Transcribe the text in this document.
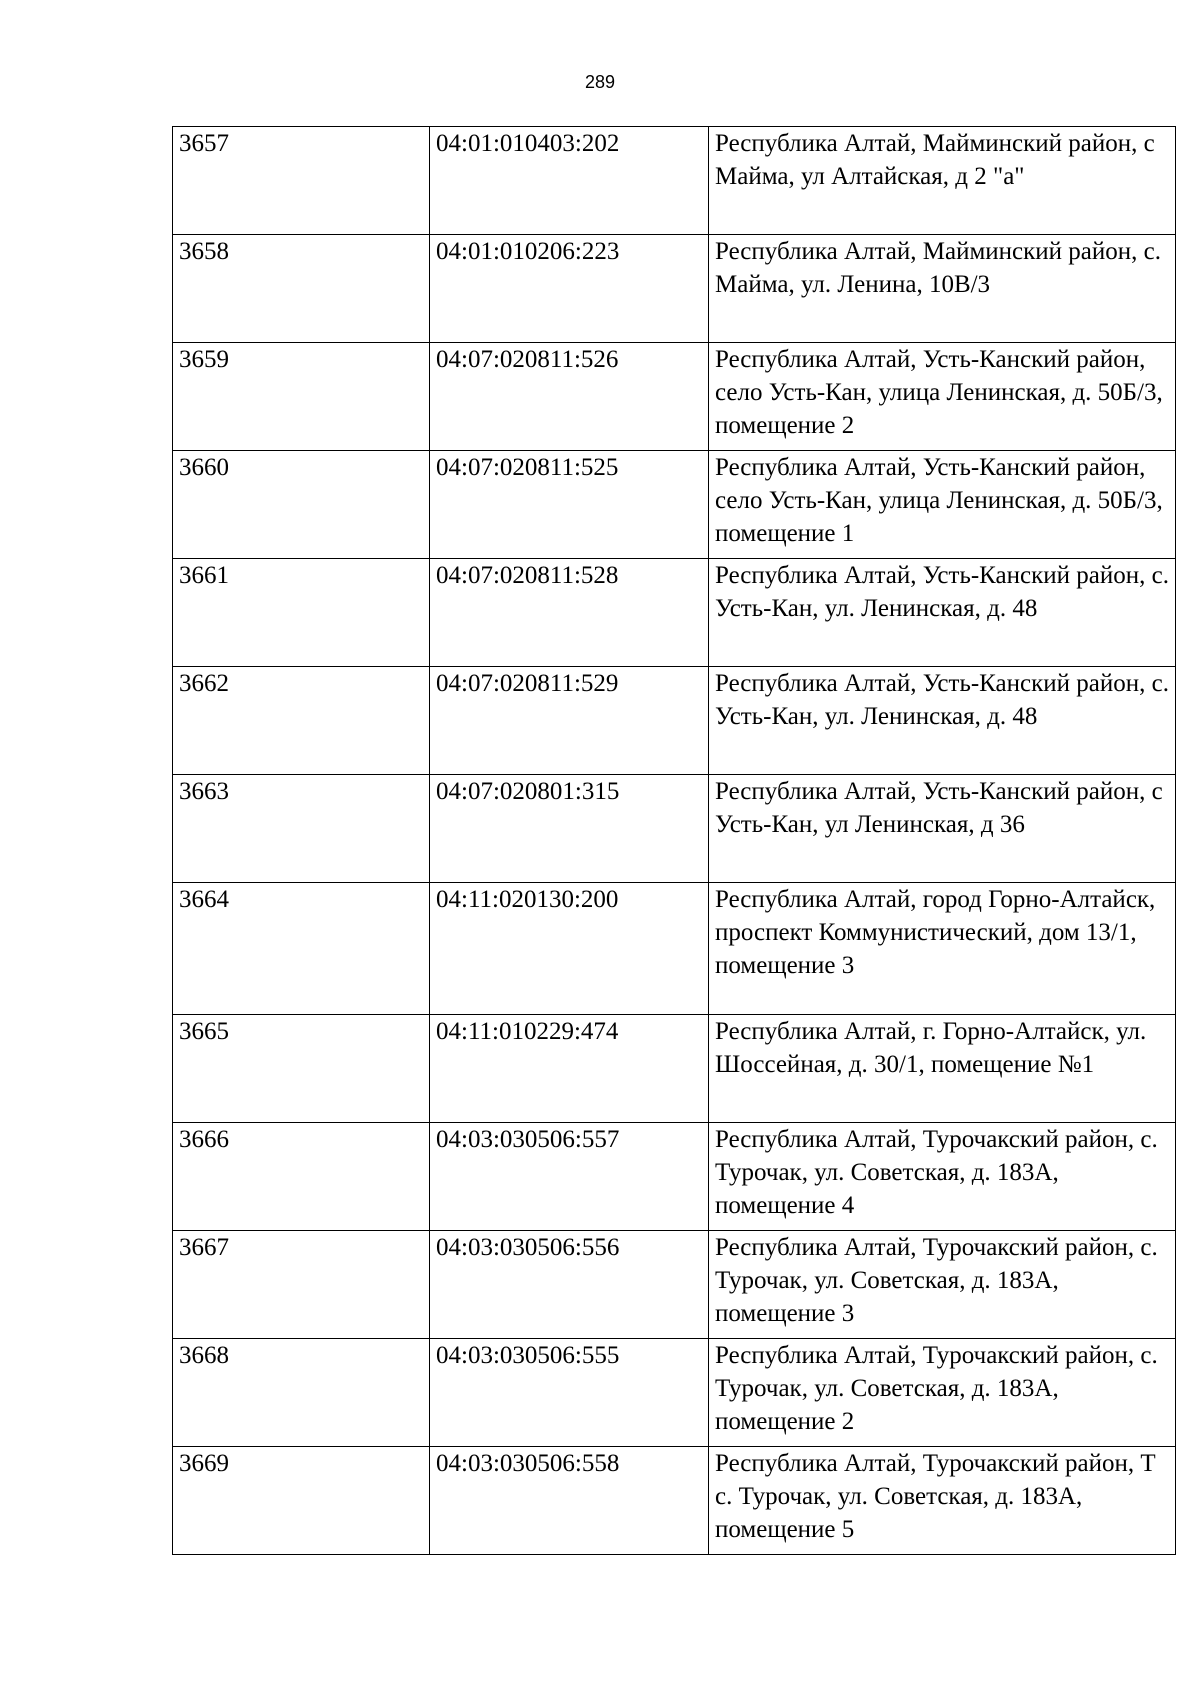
289
3657	04:01:010403:202	Республика Алтай, Майминский район, с Майма, ул Алтайская, д 2 "а"
3658	04:01:010206:223	Республика Алтай, Майминский район, с. Майма, ул. Ленина, 10В/3
3659	04:07:020811:526	Республика Алтай, Усть-Канский район, село Усть-Кан, улица Ленинская, д. 50Б/3, помещение 2
3660	04:07:020811:525	Республика Алтай, Усть-Канский район, село Усть-Кан, улица Ленинская, д. 50Б/3, помещение 1
3661	04:07:020811:528	Республика Алтай, Усть-Канский район, с. Усть-Кан, ул. Ленинская, д. 48
3662	04:07:020811:529	Республика Алтай, Усть-Канский район, с. Усть-Кан, ул. Ленинская, д. 48
3663	04:07:020801:315	Республика Алтай, Усть-Канский район, с Усть-Кан, ул Ленинская, д 36
3664	04:11:020130:200	Республика Алтай, город Горно-Алтайск, проспект Коммунистический, дом 13/1, помещение 3
3665	04:11:010229:474	Республика Алтай, г. Горно-Алтайск, ул. Шоссейная, д. 30/1, помещение №1
3666	04:03:030506:557	Республика Алтай, Турочакский район, с. Турочак, ул. Советская, д. 183А, помещение 4
3667	04:03:030506:556	Республика Алтай, Турочакский район, с. Турочак, ул. Советская, д. 183А, помещение 3
3668	04:03:030506:555	Республика Алтай, Турочакский район, с. Турочак, ул. Советская, д. 183А, помещение 2
3669	04:03:030506:558	Республика Алтай, Турочакский район, Т с. Турочак, ул. Советская, д. 183А, помещение 5
